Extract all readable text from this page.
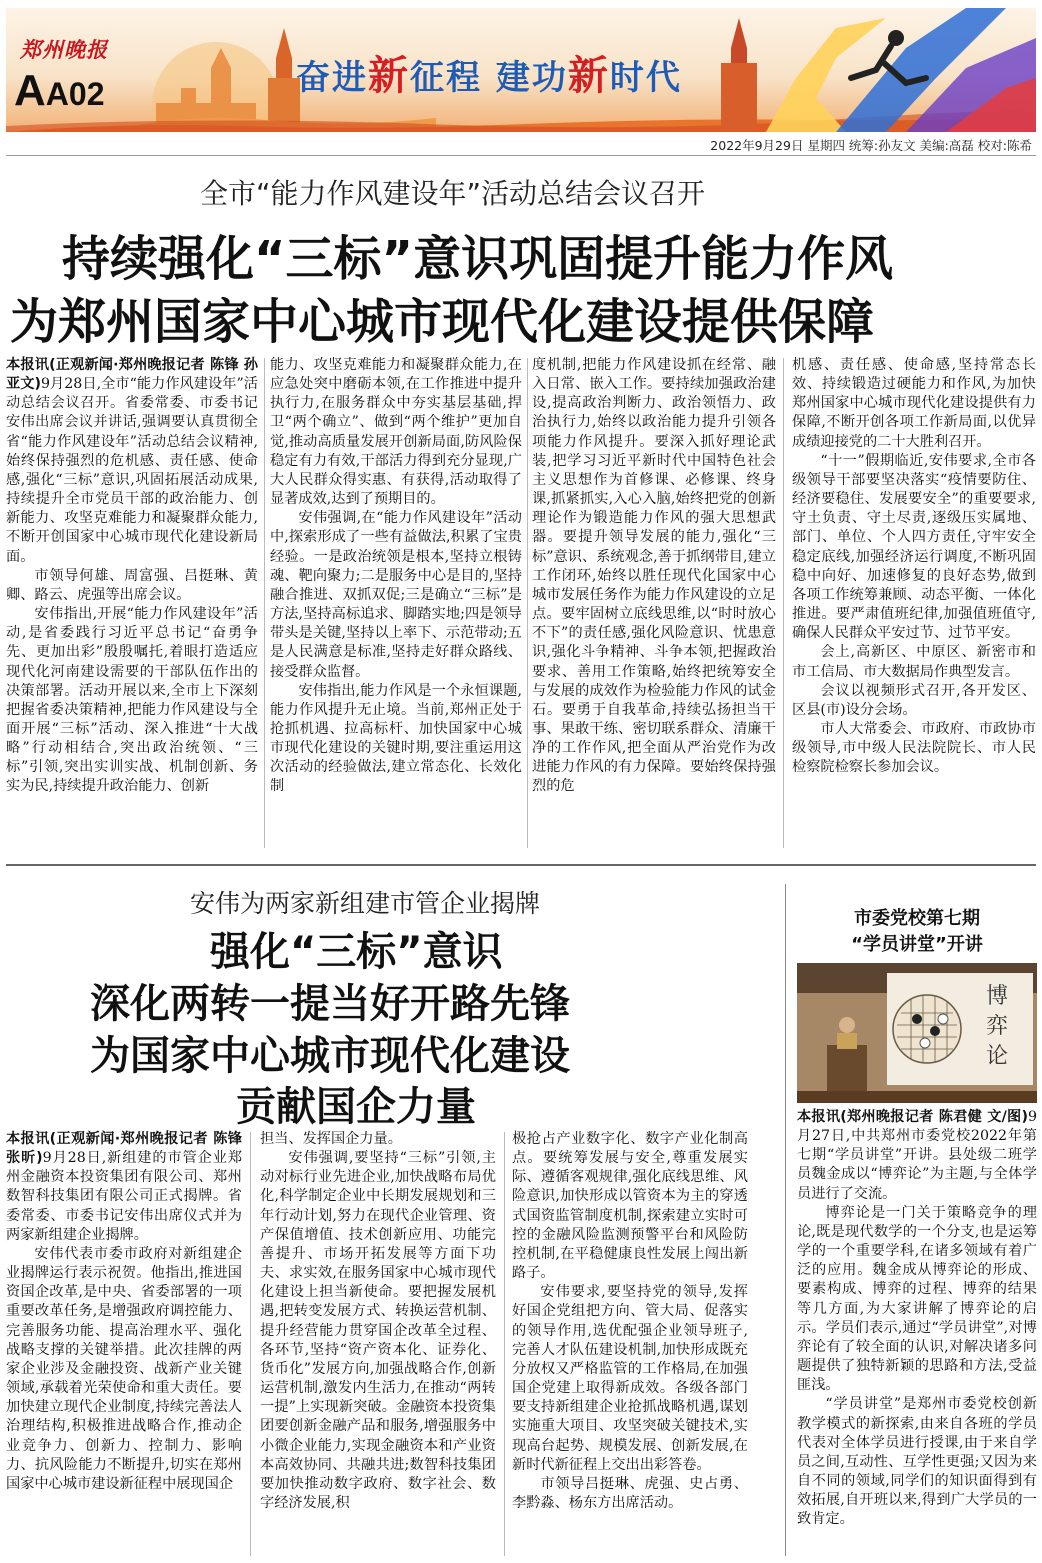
郑州晚报
AA02	奋进新征程 建功新时代
2022年9月29日 星期四 统筹:孙友文 美编:高磊 校对:陈希
全市“能力作风建设年”活动总结会议召开
持续强化“三标”意识巩固提升能力作风
为郑州国家中心城市现代化建设提供保障

本报讯(正观新闻·郑州晚报记者 陈锋 孙亚文)9月28日,全市“能力作风建设年”活动总结会议召开。省委常委、市委书记安伟出席会议并讲话,强调要认真贯彻全省“能力作风建设年”活动总结会议精神,始终保持强烈的危机感、责任感、使命感,强化“三标”意识,巩固拓展活动成果,持续提升全市党员干部的政治能力、创新能力、攻坚克难能力和凝聚群众能力,不断开创国家中心城市现代化建设新局面。

市领导何雄、周富强、吕挺琳、黄卿、路云、虎强等出席会议。

安伟指出,开展“能力作风建设年”活动,是省委践行习近平总书记“奋勇争先、更加出彩”殷殷嘱托,着眼打造适应现代化河南建设需要的干部队伍作出的决策部署。活动开展以来,全市上下深刻把握省委决策精神,把能力作风建设与全面开展“三标”活动、深入推进“十大战略”行动相结合,突出政治统领、“三标”引领,突出实训实战、机制创新、务实为民,持续提升政治能力、创新

能力、攻坚克难能力和凝聚群众能力,在应急处突中磨砺本领,在工作推进中提升执行力,在服务群众中夯实基层基础,捍卫“两个确立”、做到“两个维护”更加自觉,推动高质量发展开创新局面,防风险保稳定有力有效,干部活力得到充分显现,广大人民群众得实惠、有获得,活动取得了显著成效,达到了预期目的。

安伟强调,在“能力作风建设年”活动中,探索形成了一些有益做法,积累了宝贵经验。一是政治统领是根本,坚持立根铸魂、靶向聚力;二是服务中心是目的,坚持融合推进、双抓双促;三是确立“三标”是方法,坚持高标追求、脚踏实地;四是领导带头是关键,坚持以上率下、示范带动;五是人民满意是标准,坚持走好群众路线、接受群众监督。

安伟指出,能力作风是一个永恒课题,能力作风提升无止境。当前,郑州正处于抢抓机遇、拉高标杆、加快国家中心城市现代化建设的关键时期,要注重运用这次活动的经验做法,建立常态化、长效化制

度机制,把能力作风建设抓在经常、融入日常、嵌入工作。要持续加强政治建设,提高政治判断力、政治领悟力、政治执行力,始终以政治能力提升引领各项能力作风提升。要深入抓好理论武装,把学习习近平新时代中国特色社会主义思想作为首修课、必修课、终身课,抓紧抓实,入心入脑,始终把党的创新理论作为锻造能力作风的强大思想武器。要提升领导发展的能力,强化“三标”意识、系统观念,善于抓纲带目,建立工作闭环,始终以胜任现代化国家中心城市发展任务作为能力作风建设的立足点。要牢固树立底线思维,以“时时放心不下”的责任感,强化风险意识、忧患意识,强化斗争精神、斗争本领,把握政治要求、善用工作策略,始终把统筹安全与发展的成效作为检验能力作风的试金石。要勇于自我革命,持续弘扬担当干事、果敢干练、密切联系群众、清廉干净的工作作风,把全面从严治党作为改进能力作风的有力保障。要始终保持强烈的危

机感、责任感、使命感,坚持常态长效、持续锻造过硬能力和作风,为加快郑州国家中心城市现代化建设提供有力保障,不断开创各项工作新局面,以优异成绩迎接党的二十大胜利召开。

“十一”假期临近,安伟要求,全市各级领导干部要坚决落实“疫情要防住、经济要稳住、发展要安全”的重要要求,守土负责、守土尽责,逐级压实属地、部门、单位、个人四方责任,守牢安全稳定底线,加强经济运行调度,不断巩固稳中向好、加速修复的良好态势,做到各项工作统筹兼顾、动态平衡、一体化推进。要严肃值班纪律,加强值班值守,确保人民群众平安过节、过节平安。

会上,高新区、中原区、新密市和市工信局、市大数据局作典型发言。

会议以视频形式召开,各开发区、区县(市)设分会场。

市人大常委会、市政府、市政协市级领导,市中级人民法院院长、市人民检察院检察长参加会议。

安伟为两家新组建市管企业揭牌
强化“三标”意识
深化两转一提当好开路先锋
为国家中心城市现代化建设
贡献国企力量

本报讯(正观新闻·郑州晚报记者 陈锋 张昕)9月28日,新组建的市管企业郑州金融资本投资集团有限公司、郑州数智科技集团有限公司正式揭牌。省委常委、市委书记安伟出席仪式并为两家新组建企业揭牌。

安伟代表市委市政府对新组建企业揭牌运行表示祝贺。他指出,推进国资国企改革,是中央、省委部署的一项重要改革任务,是增强政府调控能力、完善服务功能、提高治理水平、强化战略支撑的关键举措。此次挂牌的两家企业涉及金融投资、战新产业关键领域,承载着光荣使命和重大责任。要加快建立现代企业制度,持续完善法人治理结构,积极推进战略合作,推动企业竞争力、创新力、控制力、影响力、抗风险能力不断提升,切实在郑州国家中心城市建设新征程中展现国企

担当、发挥国企力量。

安伟强调,要坚持“三标”引领,主动对标行业先进企业,加快战略布局优化,科学制定企业中长期发展规划和三年行动计划,努力在现代企业管理、资产保值增值、技术创新应用、功能完善提升、市场开拓发展等方面下功夫、求实效,在服务国家中心城市现代化建设上担当新使命。要把握发展机遇,把转变发展方式、转换运营机制、提升经营能力贯穿国企改革全过程、各环节,坚持“资产资本化、证券化、货币化”发展方向,加强战略合作,创新运营机制,激发内生活力,在推动“两转一提”上实现新突破。金融资本投资集团要创新金融产品和服务,增强服务中小微企业能力,实现金融资本和产业资本高效协同、共融共进;数智科技集团要加快推动数字政府、数字社会、数字经济发展,积

极抢占产业数字化、数字产业化制高点。要统筹发展与安全,尊重发展实际、遵循客观规律,强化底线思维、风险意识,加快形成以管资本为主的穿透式国资监管制度机制,探索建立实时可控的金融风险监测预警平台和风险防控机制,在平稳健康良性发展上闯出新路子。

安伟要求,要坚持党的领导,发挥好国企党组把方向、管大局、促落实的领导作用,选优配强企业领导班子,完善人才队伍建设机制,加快形成既充分放权又严格监管的工作格局,在加强国企党建上取得新成效。各级各部门要支持新组建企业抢抓战略机遇,谋划实施重大项目、攻坚突破关键技术,实现高台起势、规模发展、创新发展,在新时代新征程上交出出彩答卷。

市领导吕挺琳、虎强、史占勇、李黔淼、杨东方出席活动。

市委党校第七期
“学员讲堂”开讲
博
弈
论

本报讯(郑州晚报记者 陈君健 文/图)9月27日,中共郑州市委党校2022年第七期“学员讲堂”开讲。县处级二班学员魏金成以“博弈论”为主题,与全体学员进行了交流。

博弈论是一门关于策略竞争的理论,既是现代数学的一个分支,也是运筹学的一个重要学科,在诸多领域有着广泛的应用。魏金成从博弈论的形成、要素构成、博弈的过程、博弈的结果等几方面,为大家讲解了博弈论的启示。学员们表示,通过“学员讲堂”,对博弈论有了较全面的认识,对解决诸多问题提供了独特新颖的思路和方法,受益匪浅。

“学员讲堂”是郑州市委党校创新教学模式的新探索,由来自各班的学员代表对全体学员进行授课,由于来自学员之间,互动性、互学性更强;又因为来自不同的领域,同学们的知识面得到有效拓展,自开班以来,得到广大学员的一致肯定。
